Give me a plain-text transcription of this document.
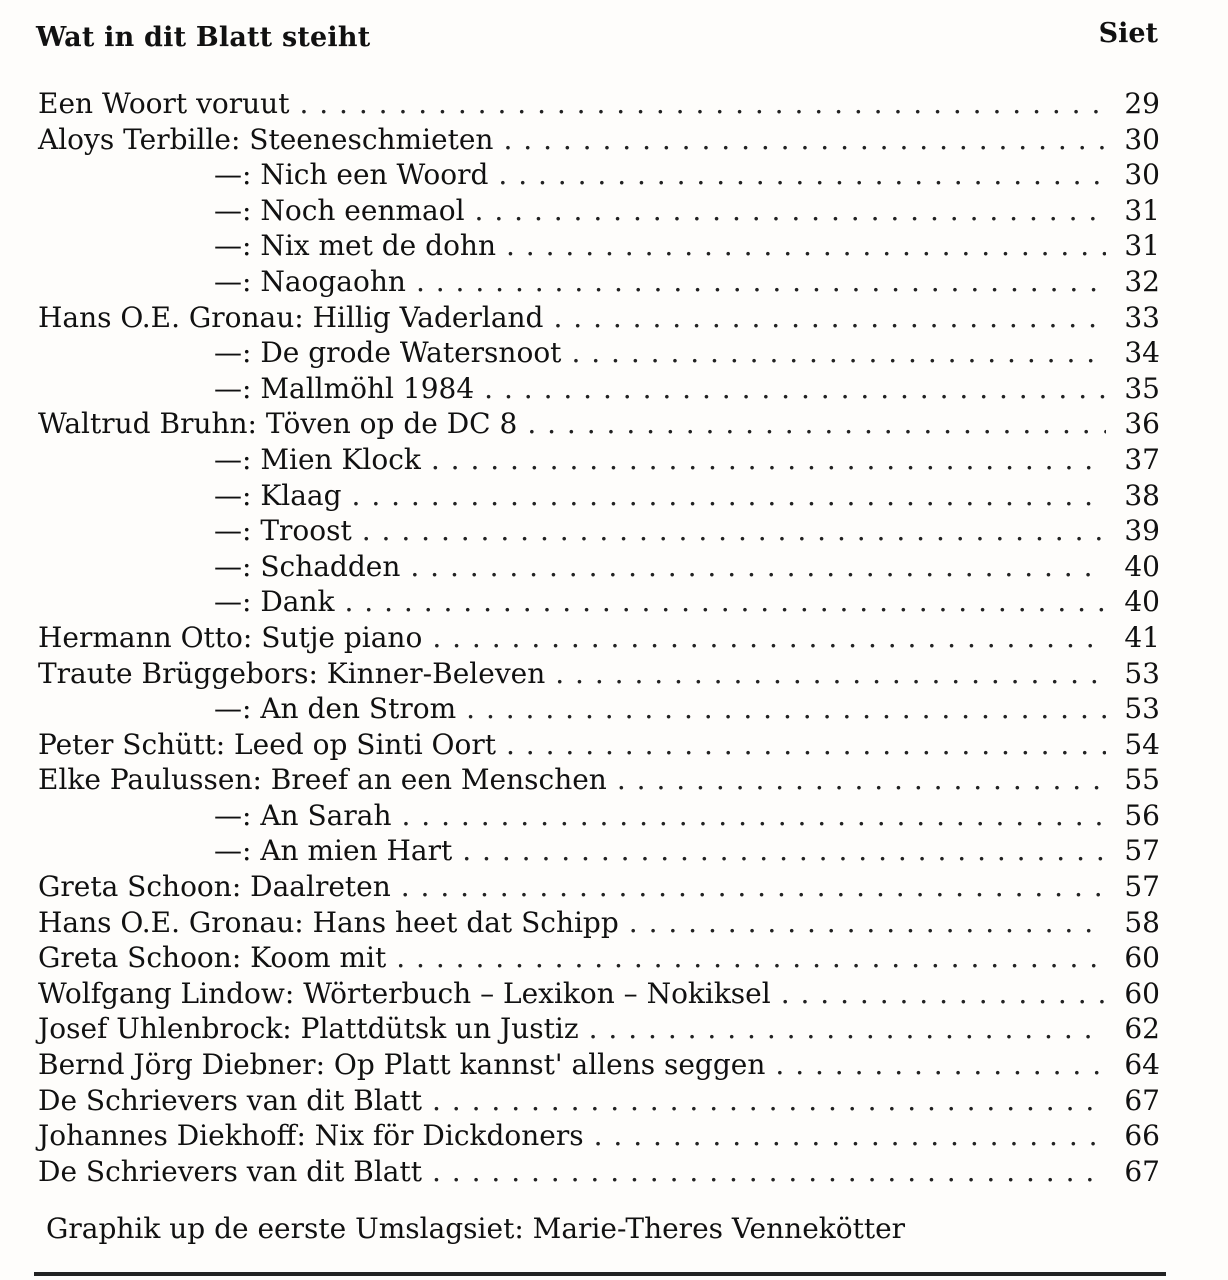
Wat in dit Blatt steiht	Siet
Een Woort voruut . . .	29
Aloys Terbille: Steeneschmieten . . .	30
—: Nich een Woord . . .	30
—: Noch eenmaol . . .	31
—: Nix met de dohn . . .	31
—: Naogaohn . . .	32
Hans O.E. Gronau: Hillig Vaderland . . .	33
—: De grode Watersnoot . . .	34
—: Mallmöhl 1984 . . .	35
Waltrud Bruhn: Töven op de DC 8 . . .	36
—: Mien Klock . . .	37
—: Klaag . . .	38
—: Troost . . .	39
—: Schadden . . .	40
—: Dank . . .	40
Hermann Otto: Sutje piano . . .	41
Traute Brüggebors: Kinner-Beleven . . .	53
—: An den Strom . . .	53
Peter Schütt: Leed op Sinti Oort . . .	54
Elke Paulussen: Breef an een Menschen . . .	55
—: An Sarah . . .	56
—: An mien Hart . . .	57
Greta Schoon: Daalreten . . .	57
Hans O.E. Gronau: Hans heet dat Schipp . . .	58
Greta Schoon: Koom mit . . .	60
Wolfgang Lindow: Wörterbuch – Lexikon – Nokiksel . . .	60
Josef Uhlenbrock: Plattdütsk un Justiz . . .	62
Bernd Jörg Diebner: Op Platt kannst' allens seggen . . .	64
De Schrievers van dit Blatt . . .	67
Johannes Diekhoff: Nix för Dickdoners . . .	66
De Schrievers van dit Blatt . . .	67
Graphik up de eerste Umslagsiet: Marie-Theres Vennekötter
